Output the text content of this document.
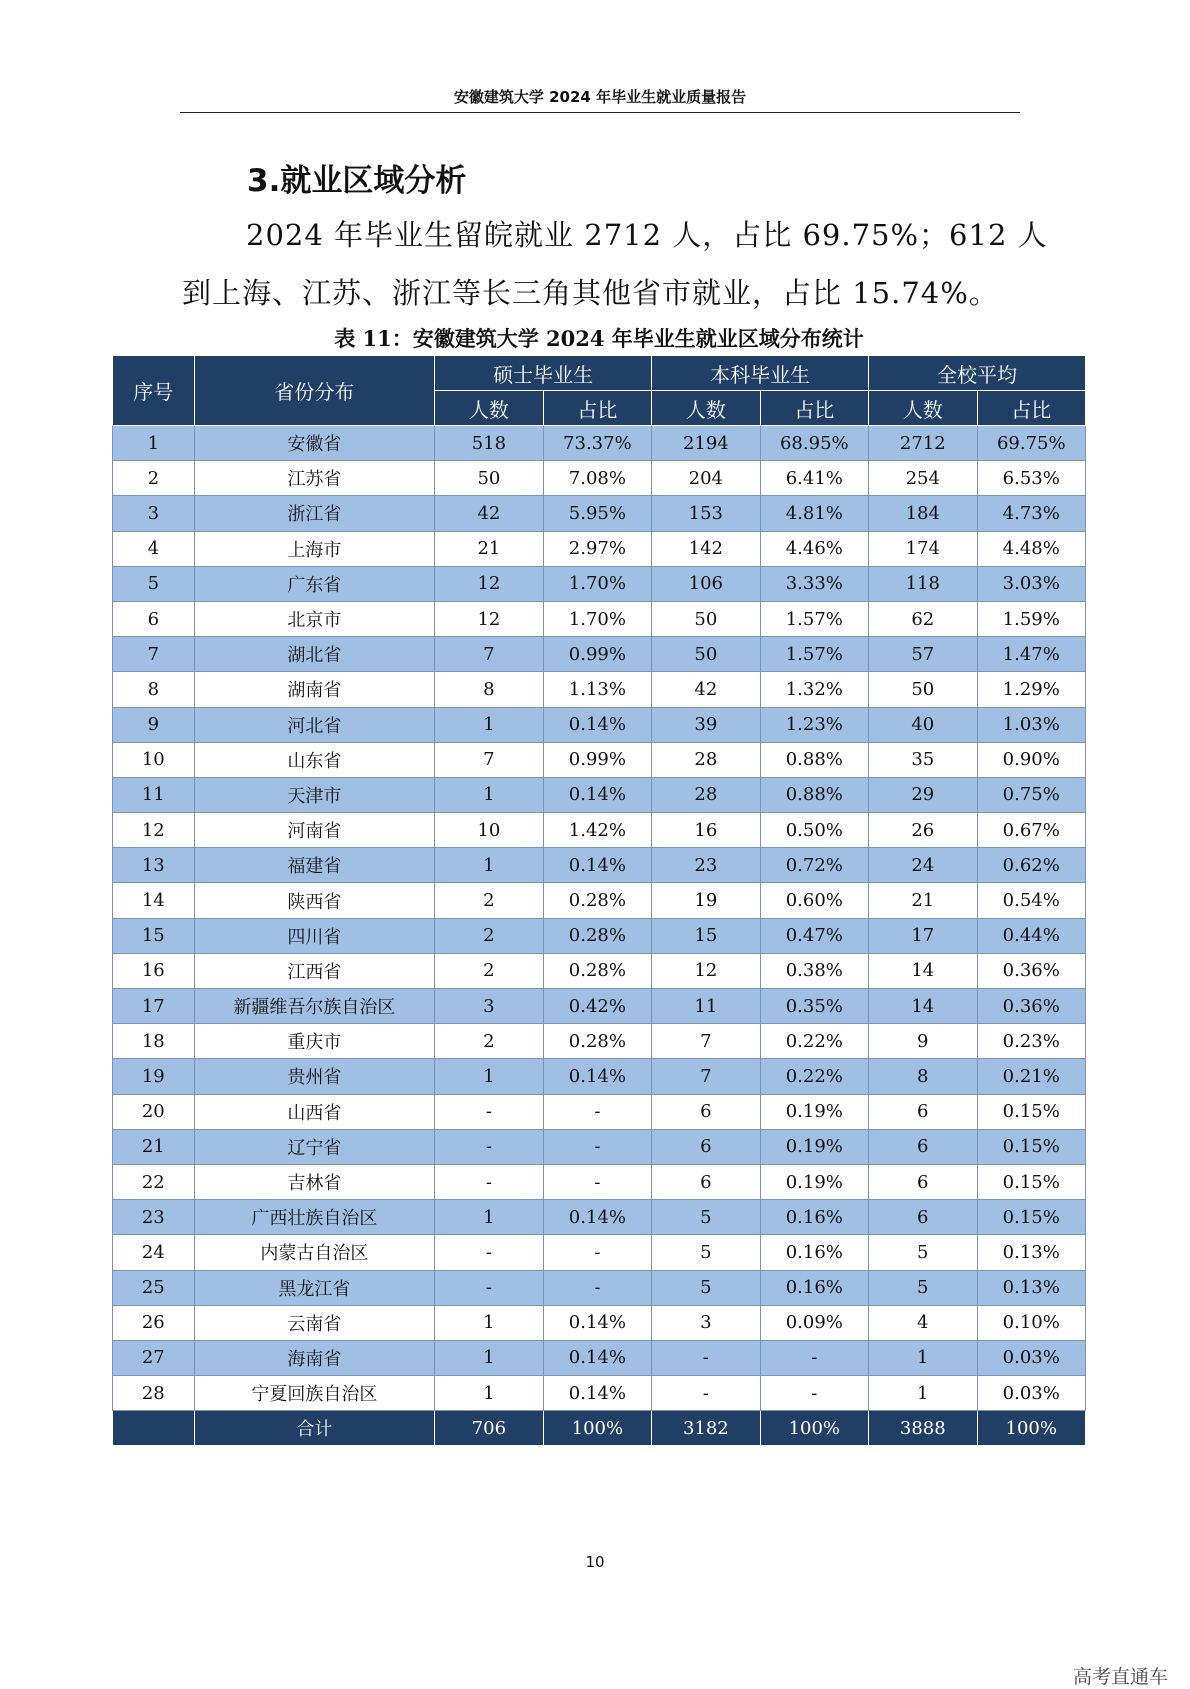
安徽建筑大学 2024 年毕业生就业质量报告
3.就业区域分析

2024 年毕业生留皖就业 2712 人，占比 69.75%；612 人

到上海、江苏、浙江等长三角其他省市就业，占比 15.74%。

表 11：安徽建筑大学 2024 年毕业生就业区域分布统计
序号	省份分布	硕士毕业生		本科毕业生		全校平均	
		人数	占比	人数	占比	人数	占比
1	安徽省	518	73.37%	2194	68.95%	2712	69.75%
2	江苏省	50	7.08%	204	6.41%	254	6.53%
3	浙江省	42	5.95%	153	4.81%	184	4.73%
4	上海市	21	2.97%	142	4.46%	174	4.48%
5	广东省	12	1.70%	106	3.33%	118	3.03%
6	北京市	12	1.70%	50	1.57%	62	1.59%
7	湖北省	7	0.99%	50	1.57%	57	1.47%
8	湖南省	8	1.13%	42	1.32%	50	1.29%
9	河北省	1	0.14%	39	1.23%	40	1.03%
10	山东省	7	0.99%	28	0.88%	35	0.90%
11	天津市	1	0.14%	28	0.88%	29	0.75%
12	河南省	10	1.42%	16	0.50%	26	0.67%
13	福建省	1	0.14%	23	0.72%	24	0.62%
14	陕西省	2	0.28%	19	0.60%	21	0.54%
15	四川省	2	0.28%	15	0.47%	17	0.44%
16	江西省	2	0.28%	12	0.38%	14	0.36%
17	新疆维吾尔族自治区	3	0.42%	11	0.35%	14	0.36%
18	重庆市	2	0.28%	7	0.22%	9	0.23%
19	贵州省	1	0.14%	7	0.22%	8	0.21%
20	山西省	-	-	6	0.19%	6	0.15%
21	辽宁省	-	-	6	0.19%	6	0.15%
22	吉林省	-	-	6	0.19%	6	0.15%
23	广西壮族自治区	1	0.14%	5	0.16%	6	0.15%
24	内蒙古自治区	-	-	5	0.16%	5	0.13%
25	黑龙江省	-	-	5	0.16%	5	0.13%
26	云南省	1	0.14%	3	0.09%	4	0.10%
27	海南省	1	0.14%	-	-	1	0.03%
28	宁夏回族自治区	1	0.14%	-	-	1	0.03%
	合计	706	100%	3182	100%	3888	100%
10
高考直通车
